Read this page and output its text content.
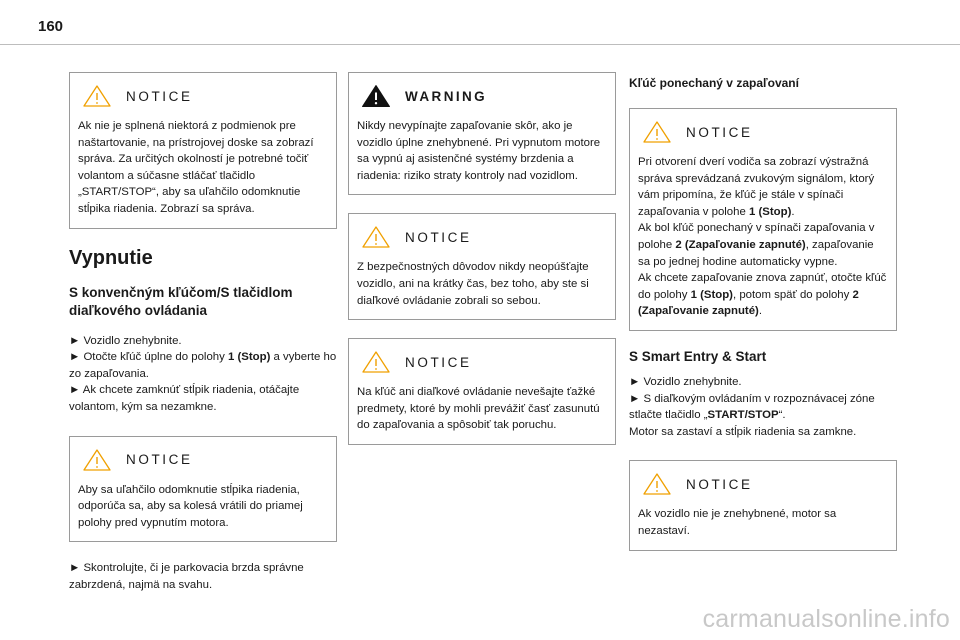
160
NOTICE
Ak nie je splnená niektorá z podmienok pre naštartovanie, na prístrojovej doske sa zobrazí správa. Za určitých okolností je potrebné točiť volantom a súčasne stláčať tlačidlo „START/STOP“, aby sa uľahčilo odomknutie stĺpika riadenia. Zobrazí sa správa.
Vypnutie
S konvenčným kľúčom/S tlačidlom diaľkového ovládania
► Vozidlo znehybnite.
► Otočte kľúč úplne do polohy 1 (Stop) a vyberte ho zo zapaľovania.
► Ak chcete zamknúť stĺpik riadenia, otáčajte volantom, kým sa nezamkne.
NOTICE
Aby sa uľahčilo odomknutie stĺpika riadenia, odporúča sa, aby sa kolesá vrátili do priamej polohy pred vypnutím motora.
► Skontrolujte, či je parkovacia brzda správne zabrzdená, najmä na svahu.
WARNING
Nikdy nevypínajte zapaľovanie skôr, ako je vozidlo úplne znehybnené. Pri vypnutom motore sa vypnú aj asistenčné systémy brzdenia a riadenia: riziko straty kontroly nad vozidlom.
NOTICE
Z bezpečnostných dôvodov nikdy neopúšťajte vozidlo, ani na krátky čas, bez toho, aby ste si diaľkové ovládanie zobrali so sebou.
NOTICE
Na kľúč ani diaľkové ovládanie nevešajte ťažké predmety, ktoré by mohli prevážiť časť zasunutú do zapaľovania a spôsobiť tak poruchu.
Kľúč ponechaný v zapaľovaní
NOTICE
Pri otvorení dverí vodiča sa zobrazí výstražná správa sprevádzaná zvukovým signálom, ktorý vám pripomína, že kľúč je stále v spínači zapaľovania v polohe 1 (Stop).
Ak bol kľúč ponechaný v spínači zapaľovania v polohe 2 (Zapaľovanie zapnuté), zapaľovanie sa po jednej hodine automaticky vypne.
Ak chcete zapaľovanie znova zapnúť, otočte kľúč do polohy 1 (Stop), potom späť do polohy 2 (Zapaľovanie zapnuté).
S Smart Entry & Start
► Vozidlo znehybnite.
► S diaľkovým ovládaním v rozpoznávacej zóne stlačte tlačidlo „START/STOP“.
Motor sa zastaví a stĺpik riadenia sa zamkne.
NOTICE
Ak vozidlo nie je znehybnené, motor sa nezastaví.
carmanualsonline.info
